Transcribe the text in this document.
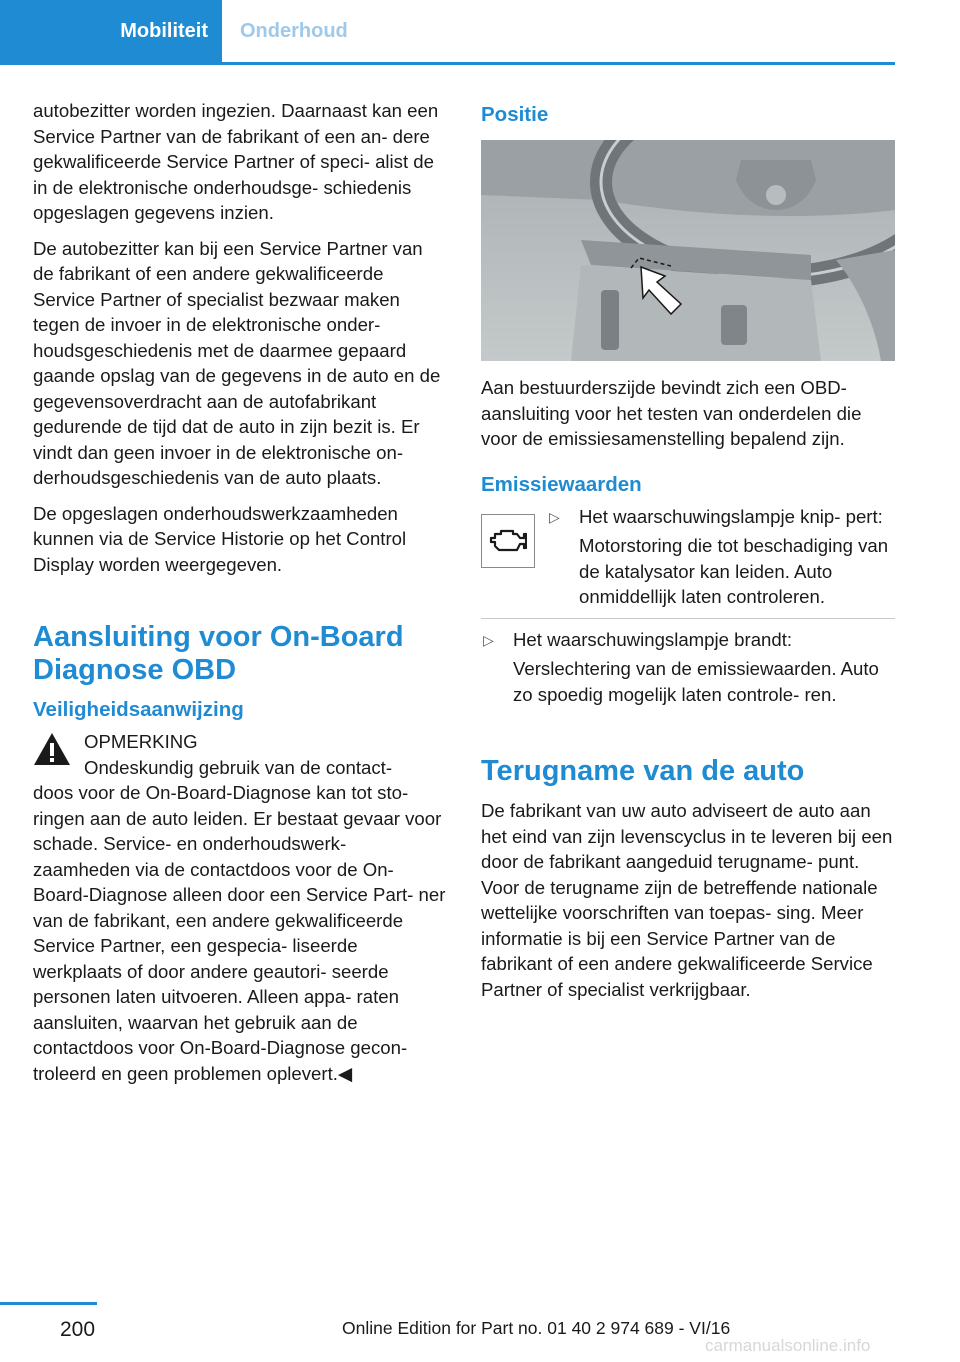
Mobiliteit	Onderhoud

autobezitter worden ingezien. Daarnaast kan een Service Partner van de fabrikant of een an- dere gekwalificeerde Service Partner of speci- alist de in de elektronische onderhoudsge- schiedenis opgeslagen gegevens inzien.

De autobezitter kan bij een Service Partner van de fabrikant of een andere gekwalificeerde Service Partner of specialist bezwaar maken tegen de invoer in de elektronische onder- houdsgeschiedenis met de daarmee gepaard gaande opslag van de gegevens in de auto en de gegevensoverdracht aan de autofabrikant gedurende de tijd dat de auto in zijn bezit is. Er vindt dan geen invoer in de elektronische on- derhoudsgeschiedenis van de auto plaats.

De opgeslagen onderhoudswerkzaamheden kunnen via de Service Historie op het Control Display worden weergegeven.

Aansluiting voor On-Board Diagnose OBD
Veiligheidsaanwijzing
OPMERKING
Ondeskundig gebruik van de contact-

doos voor de On-Board-Diagnose kan tot sto- ringen aan de auto leiden. Er bestaat gevaar voor schade. Service- en onderhoudswerk- zaamheden via de contactdoos voor de On- Board-Diagnose alleen door een Service Part- ner van de fabrikant, een andere gekwalificeerde Service Partner, een gespecia- liseerde werkplaats of door andere geautori- seerde personen laten uitvoeren. Alleen appa- raten aansluiten, waarvan het gebruik aan de contactdoos voor On-Board-Diagnose gecon- troleerd en geen problemen oplevert.◀

Positie

Aan bestuurderszijde bevindt zich een OBD- aansluiting voor het testen van onderdelen die voor de emissiesamenstelling bepalend zijn.

Emissiewaarden
▷ Het waarschuwingslampje knip- pert:
Motorstoring die tot beschadiging van de katalysator kan leiden. Auto onmiddellijk laten controleren.
▷ Het waarschuwingslampje brandt:
Verslechtering van de emissiewaarden. Auto zo spoedig mogelijk laten controle- ren.
Terugname van de auto

De fabrikant van uw auto adviseert de auto aan het eind van zijn levenscyclus in te leveren bij een door de fabrikant aangeduid terugname- punt. Voor de terugname zijn de betreffende nationale wettelijke voorschriften van toepas- sing. Meer informatie is bij een Service Partner van de fabrikant of een andere gekwalificeerde Service Partner of specialist verkrijgbaar.

200	Online Edition for Part no. 01 40 2 974 689 - VI/16
carmanualsonline.info
